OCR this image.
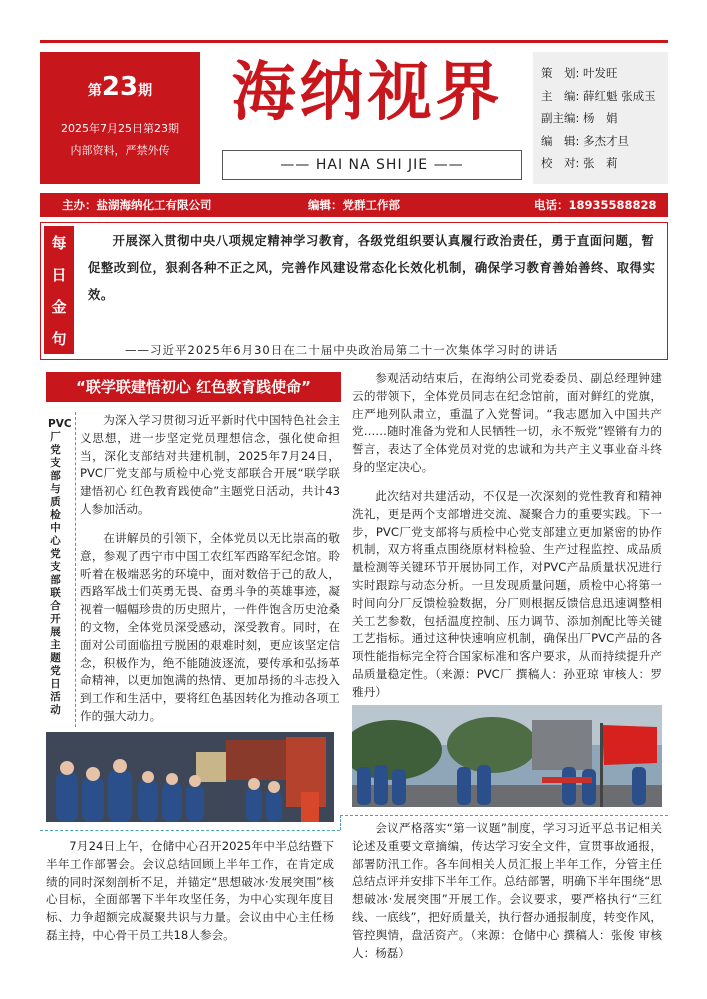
第23期
2025年7月25日第23期
内部资料，严禁外传
海纳视界
—— HAI NA SHI JIE ——
策　划: 叶发旺
主　编: 薛红魁 张成玉
副主编: 杨　娟
编　辑: 多杰才旦
校　对: 张　莉
主办：盐湖海纳化工有限公司	编辑：党群工作部	电话：18935588828
每
日
金
句
开展深入贯彻中央八项规定精神学习教育，各级党组织要认真履行政治责任，勇于直面问题，暂促整改到位，狠刹各种不正之风，完善作风建设常态化长效化机制，确保学习教育善始善终、取得实效。
——习近平2025年6月30日在二十届中央政治局第二十一次集体学习时的讲话
“联学联建悟初心 红色教育践使命”
PVC厂党支部与质检中心党支部联合开展主题党日活动
为深入学习贯彻习近平新时代中国特色社会主义思想，进一步坚定党员理想信念，强化使命担当，深化支部结对共建机制，2025年7月24日，PVC厂党支部与质检中心党支部联合开展“联学联建悟初心 红色教育践使命”主题党日活动，共计43人参加活动。
在讲解员的引领下，全体党员以无比崇高的敬意，参观了西宁市中国工农红军西路军纪念馆。聆听着在极端恶劣的环境中，面对数倍于己的敌人，西路军战士们英勇无畏、奋勇斗争的英雄事迹，凝视着一幅幅珍贵的历史照片，一件件饱含历史沧桑的文物，全体党员深受感动，深受教育。同时，在面对公司面临扭亏脱困的艰难时刻，更应该坚定信念，积极作为，绝不能随波逐流，要传承和弘扬革命精神，以更加饱满的热情、更加昂扬的斗志投入到工作和生活中，要将红色基因转化为推动各项工作的强大动力。
参观活动结束后，在海纳公司党委委员、副总经理钟建云的带领下，全体党员同志在纪念馆前，面对鲜红的党旗，庄严地列队肃立，重温了入党誓词。“我志愿加入中国共产党……随时准备为党和人民牺牲一切，永不叛党”铿锵有力的誓言，表达了全体党员对党的忠诚和为共产主义事业奋斗终身的坚定决心。
此次结对共建活动，不仅是一次深刻的党性教育和精神洗礼，更是两个支部增进交流、凝聚合力的重要实践。下一步，PVC厂党支部将与质检中心党支部建立更加紧密的协作机制，双方将重点围绕原材料检验、生产过程监控、成品质量检测等关键环节开展协同工作，对PVC产品质量状况进行实时跟踪与动态分析。一旦发现质量问题，质检中心将第一时间向分厂反馈检验数据，分厂则根据反馈信息迅速调整相关工艺参数，包括温度控制、压力调节、添加剂配比等关键工艺指标。通过这种快速响应机制，确保出厂PVC产品的各项性能指标完全符合国家标准和客户要求，从而持续提升产品质量稳定性。（来源：PVC厂 撰稿人：孙亚琼 审核人：罗雅丹）
7月24日上午，仓储中心召开2025年中半总结暨下半年工作部署会。会议总结回顾上半年工作，在肯定成绩的同时深刻剖析不足，并锚定“思想破冰·发展突围”核心目标，全面部署下半年攻坚任务，为中心实现年度目标、力争超额完成凝聚共识与力量。会议由中心主任杨磊主持，中心骨干员工共18人参会。
会议严格落实“第一议题”制度，学习习近平总书记相关论述及重要文章摘编，传达学习安全文件，宣贯事故通报，部署防汛工作。各车间相关人员汇报上半年工作，分管主任总结点评并安排下半年工作。总结部署，明确下半年围绕“思想破冰·发展突围”开展工作。会议要求，要严格执行“三红线、一底线”，把好质量关，执行督办通报制度，转变作风，管控舆情，盘活资产。（来源：仓储中心 撰稿人：张俊 审核人：杨磊）
